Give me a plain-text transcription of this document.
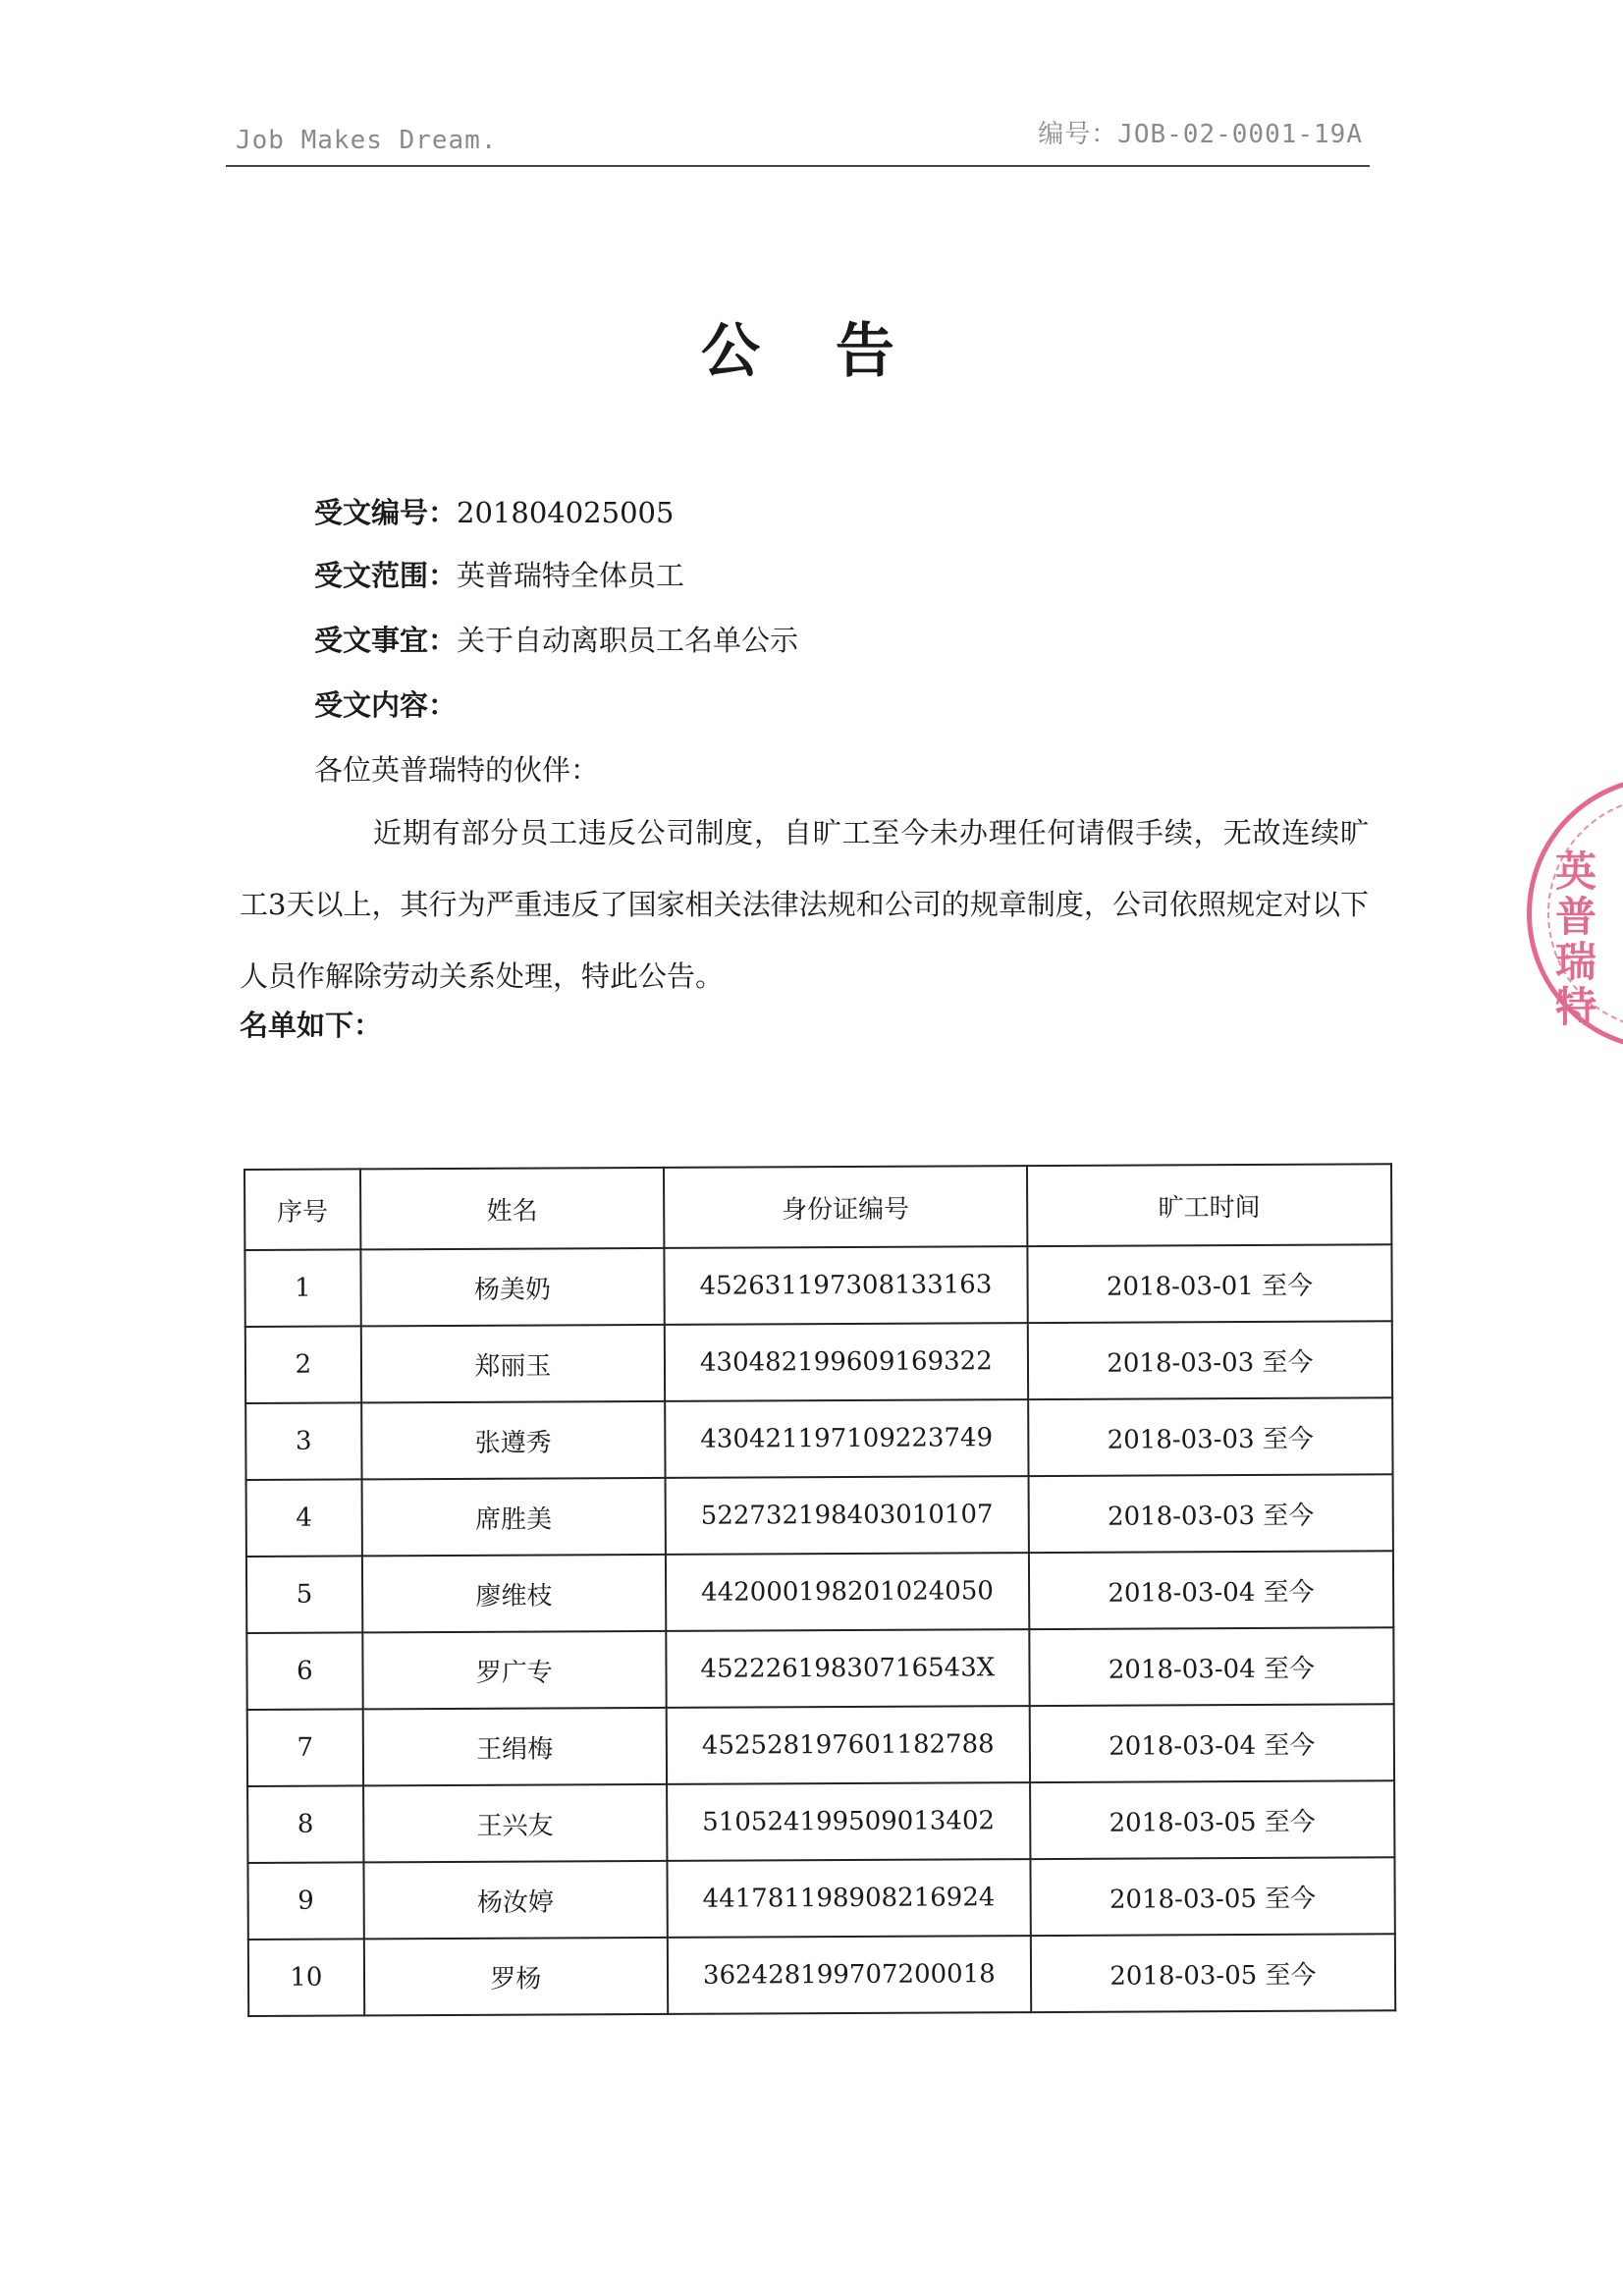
Job Makes Dream.	编号：JOB-02-0001-19A
公 告
受文编号：201804025005
受文范围：英普瑞特全体员工
受文事宜：关于自动离职员工名单公示
受文内容：
各位英普瑞特的伙伴：
近期有部分员工违反公司制度，自旷工至今未办理任何请假手续，无故连续旷工3天以上，其行为严重违反了国家相关法律法规和公司的规章制度，公司依照规定对以下人员作解除劳动关系处理，特此公告。
名单如下：
序号	姓名	身份证编号	旷工时间
1	杨美奶	452631197308133163	2018-03-01 至今
2	郑丽玉	430482199609169322	2018-03-03 至今
3	张遵秀	430421197109223749	2018-03-03 至今
4	席胜美	522732198403010107	2018-03-03 至今
5	廖维枝	442000198201024050	2018-03-04 至今
6	罗广专	45222619830716543X	2018-03-04 至今
7	王绢梅	452528197601182788	2018-03-04 至今
8	王兴友	510524199509013402	2018-03-05 至今
9	杨汝婷	441781198908216924	2018-03-05 至今
10	罗杨	362428199707200018	2018-03-05 至今
英普瑞特
